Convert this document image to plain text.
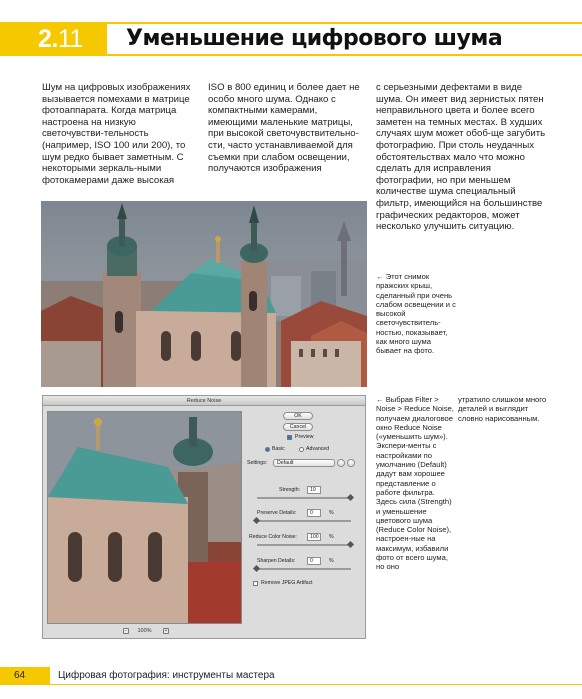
2.11 Уменьшение цифрового шума
Шум на цифровых изображениях вызывается помехами в матрице фотоаппарата. Когда матрица настроена на низкую светочувстви-тельность (например, ISO 100 или 200), то шум редко бывает заметным. С некоторыми зеркаль-ными фотокамерами даже высокая
ISO в 800 единиц и более дает не особо много шума. Однако с компактными камерами, имеющими маленькие матрицы, при высокой светочувствительно-сти, часто устанавливаемой для съемки при слабом освещении, получаются изображения
с серьезными дефектами в виде шума. Он имеет вид зернистых пятен неправильного цвета и более всего заметен на темных местах. В худших случаях шум может обоб-ще загубить фотографию. При столь неудачных обстоятельствах мало что можно сделать для исправления фотографии, но при меньшем количестве шума специальный фильтр, имеющийся на большинстве графических редакторов, может несколько улучшить ситуацию.
← Этот снимок пражских крыш, сделанный при очень слабом освещении и с высокой светочувствитель-ностью, показывает, как много шума бывает на фото.
Reduce Noise
100%
−	+
OK
Cancel
Preview
Basic	Advanced
Settings:	Default
Strength:	10
Preserve Details:	0	%
Reduce Color Noise:	100	%
Sharpen Details:	0	%
Remove JPEG Artifact
← Выбрав Filter > Noise > Reduce Noise, получаем диалоговое окно Reduce Noise («уменьшить шум»). Экспери-менты с настройками по умолчанию (Default) дадут вам хорошее представление о работе фильтра. Здесь сила (Strength) и уменьшение цветового шума (Reduce Color Noise), настроен-ные на максимум, избавили фото от всего шума, но оно
утратило слишком много деталей и выглядит словно нарисованным.
64	Цифровая фотография: инструменты мастера
